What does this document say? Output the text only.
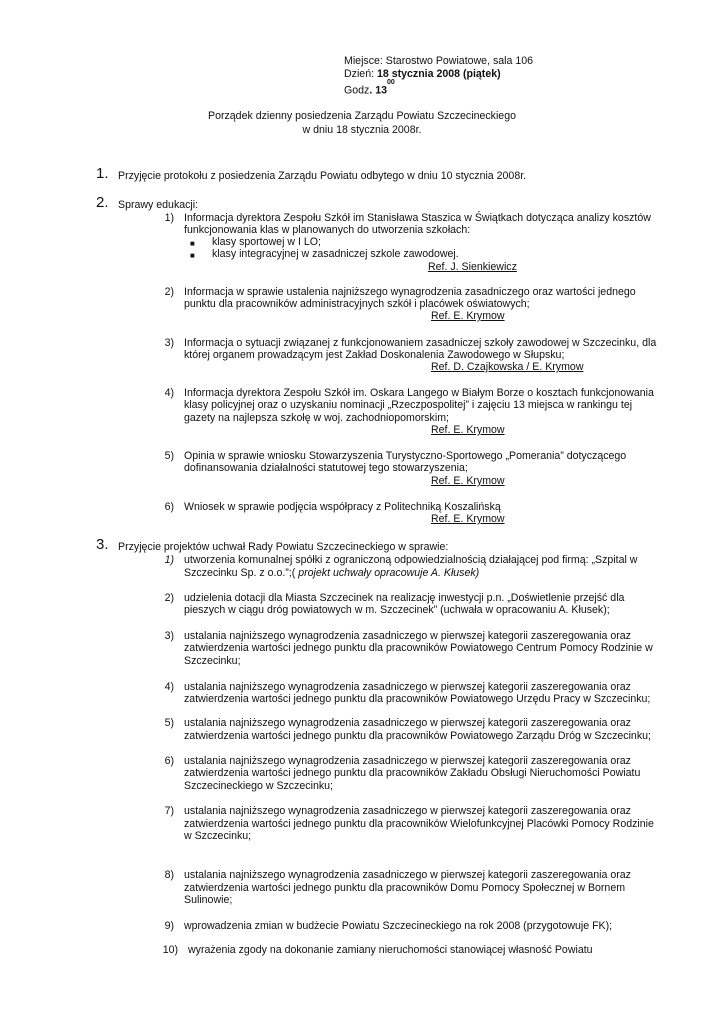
Miejsce: Starostwo Powiatowe, sala 106
Dzień: 18 stycznia 2008 (piątek)
Godz. $13^{00}$
Porządek dzienny posiedzenia Zarządu Powiatu Szczecineckiego
w dniu 18 stycznia 2008r.
1. Przyjęcie protokołu z posiedzenia Zarządu Powiatu odbytego w dniu 10 stycznia 2008r.
2. Sprawy edukacji:
1) Informacja dyrektora Zespołu Szkół im Stanisława Staszica w Świątkach dotycząca analizy kosztów
funkcjonowania klas w planowanych do utworzenia szkołach:
■ klasy sportowej w I LO;
■ klasy integracyjnej w zasadniczej szkole zawodowej.
Ref. J. Sienkiewicz
2) Informacja w sprawie ustalenia najniższego wynagrodzenia zasadniczego oraz wartości jednego
punktu dla pracowników administracyjnych szkół i placówek oświatowych;
Ref. E. Krymow
3) Informacja o sytuacji związanej z funkcjonowaniem zasadniczej szkoły zawodowej w Szczecinku, dla
której organem prowadzącym jest Zakład Doskonalenia Zawodowego w Słupsku;
Ref. D. Czajkowska / E. Krymow
4) Informacja dyrektora Zespołu Szkół im. Oskara Langego w Białym Borze o kosztach funkcjonowania
klasy policyjnej oraz o uzyskaniu nominacji „Rzeczpospolitej” i zajęciu 13 miejsca w rankingu tej
gazety na najlepsza szkołę w woj. zachodniopomorskim;
Ref. E. Krymow
5) Opinia w sprawie wniosku Stowarzyszenia Turystyczno-Sportowego „Pomerania” dotyczącego
dofinansowania działalności statutowej tego stowarzyszenia;
Ref. E. Krymow
6) Wniosek w sprawie podjęcia współpracy z Politechniką Koszalińską
Ref. E. Krymow
3. Przyjęcie projektów uchwał Rady Powiatu Szczecineckiego w sprawie:
1) utworzenia komunalnej spółki z ograniczoną odpowiedzialnością działającej pod firmą: „Szpital w
Szczecinku Sp. z o.o.”;( projekt uchwały opracowuje A. Kłusek)
2) udzielenia dotacji dla Miasta Szczecinek na realizację inwestycji p.n. „Doświetlenie przejść dla
pieszych w ciągu dróg powiatowych w m. Szczecinek” (uchwała w opracowaniu A. Kłusek);
3) ustalania najniższego wynagrodzenia zasadniczego w pierwszej kategorii zaszeregowania oraz
zatwierdzenia wartości jednego punktu dla pracowników Powiatowego Centrum Pomocy Rodzinie w
Szczecinku;
4) ustalania najniższego wynagrodzenia zasadniczego w pierwszej kategorii zaszeregowania oraz
zatwierdzenia wartości jednego punktu dla pracowników Powiatowego Urzędu Pracy w Szczecinku;
5) ustalania najniższego wynagrodzenia zasadniczego w pierwszej kategorii zaszeregowania oraz
zatwierdzenia wartości jednego punktu dla pracowników Powiatowego Zarządu Dróg w Szczecinku;
6) ustalania najniższego wynagrodzenia zasadniczego w pierwszej kategorii zaszeregowania oraz
zatwierdzenia wartości jednego punktu dla pracowników Zakładu Obsługi Nieruchomości Powiatu
Szczecineckiego w Szczecinku;
7) ustalania najniższego wynagrodzenia zasadniczego w pierwszej kategorii zaszeregowania oraz
zatwierdzenia wartości jednego punktu dla pracowników Wielofunkcyjnej Placówki Pomocy Rodzinie
w Szczecinku;
8) ustalania najniższego wynagrodzenia zasadniczego w pierwszej kategorii zaszeregowania oraz
zatwierdzenia wartości jednego punktu dla pracowników Domu Pomocy Społecznej w Bornem
Sulinowie;
9) wprowadzenia zmian w budżecie Powiatu Szczecineckiego na rok 2008 (przygotowuje FK);
10) wyrażenia zgody na dokonanie zamiany nieruchomości stanowiącej własność Powiatu
